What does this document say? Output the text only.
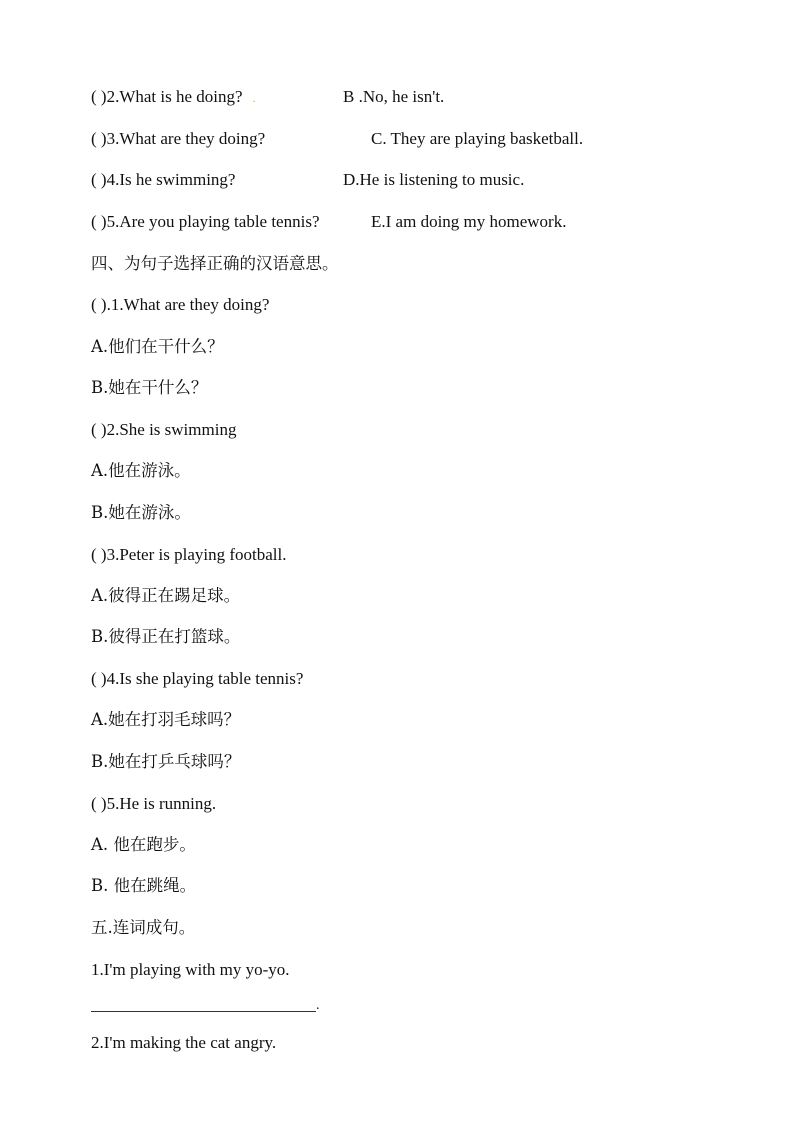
( )2.What is he doing? .	B .No, he isn't.
( )3.What are they doing?	C. They are playing basketball.
( )4.Is he swimming?	D.He is listening to music.
( )5.Are you playing table tennis?	E.I am doing my homework.
四、为句子选择正确的汉语意思。
( ).1.What are they doing?
A.他们在干什么？
B.她在干什么？
( )2.She is swimming
A.他在游泳。
B.她在游泳。
( )3.Peter is playing football.
A.彼得正在踢足球。
B.彼得正在打篮球。
( )4.Is she playing table tennis?
A.她在打羽毛球吗？
B.她在打乒乓球吗？
( )5.He is running.
A. 他在跑步。
B. 他在跳绳。
五.连词成句。
1.I'm playing with my yo-yo.
.
2.I'm making the cat angry.
